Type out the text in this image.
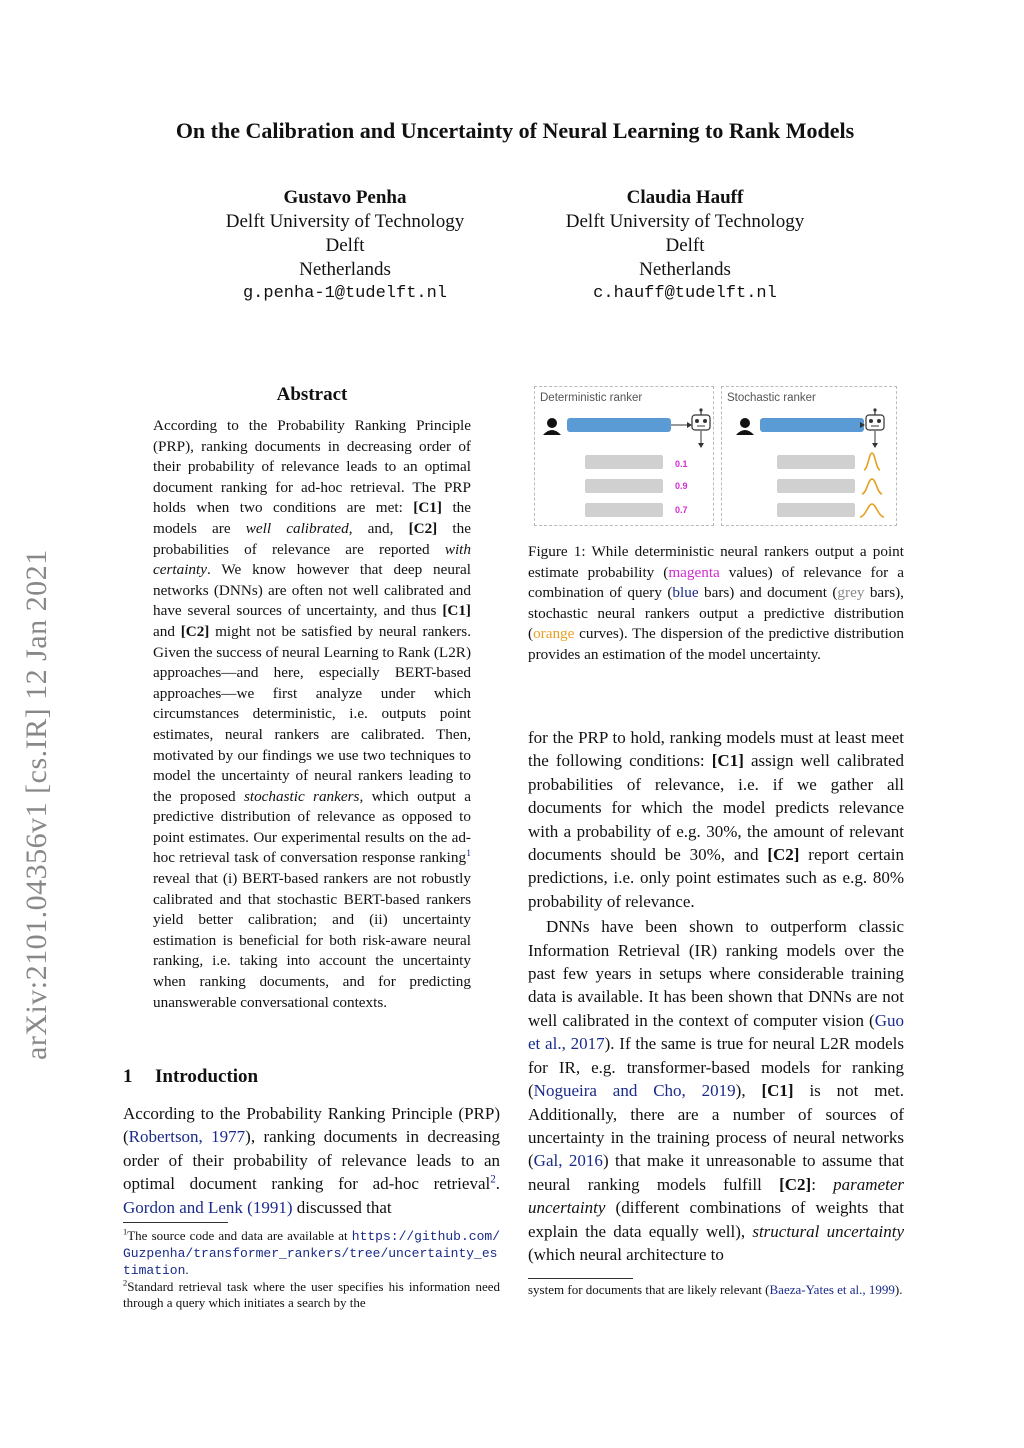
On the Calibration and Uncertainty of Neural Learning to Rank Models
Gustavo Penha
Delft University of Technology
Delft
Netherlands
g.penha-1@tudelft.nl
Claudia Hauff
Delft University of Technology
Delft
Netherlands
c.hauff@tudelft.nl
arXiv:2101.04356v1 [cs.IR] 12 Jan 2021
Abstract
According to the Probability Ranking Principle (PRP), ranking documents in decreasing order of their probability of relevance leads to an optimal document ranking for ad-hoc retrieval. The PRP holds when two conditions are met: [C1] the models are well calibrated, and, [C2] the probabilities of relevance are reported with certainty. We know however that deep neural networks (DNNs) are often not well calibrated and have several sources of uncertainty, and thus [C1] and [C2] might not be satisfied by neural rankers. Given the success of neural Learning to Rank (L2R) approaches—and here, especially BERT-based approaches—we first analyze under which circumstances deterministic, i.e. outputs point estimates, neural rankers are calibrated. Then, motivated by our findings we use two techniques to model the uncertainty of neural rankers leading to the proposed stochastic rankers, which output a predictive distribution of relevance as opposed to point estimates. Our experimental results on the ad-hoc retrieval task of conversation response ranking$^1$ reveal that (i) BERT-based rankers are not robustly calibrated and that stochastic BERT-based rankers yield better calibration; and (ii) uncertainty estimation is beneficial for both risk-aware neural ranking, i.e. taking into account the uncertainty when ranking documents, and for predicting unanswerable conversational contexts.
1 Introduction
According to the Probability Ranking Principle (PRP) (Robertson, 1977), ranking documents in decreasing order of their probability of relevance leads to an optimal document ranking for ad-hoc retrieval$^2$. Gordon and Lenk (1991) discussed that
$^1$The source code and data are available at https://github.com/Guzpenha/transformer_rankers/tree/uncertainty_estimation.
$^2$Standard retrieval task where the user specifies his information need through a query which initiates a search by the
Deterministic ranker
0.1
0.9
0.7
Stochastic ranker
Figure 1: While deterministic neural rankers output a point estimate probability (magenta values) of relevance for a combination of query (blue bars) and document (grey bars), stochastic neural rankers output a predictive distribution (orange curves). The dispersion of the predictive distribution provides an estimation of the model uncertainty.

for the PRP to hold, ranking models must at least meet the following conditions: [C1] assign well calibrated probabilities of relevance, i.e. if we gather all documents for which the model predicts relevance with a probability of e.g. 30%, the amount of relevant documents should be 30%, and [C2] report certain predictions, i.e. only point estimates such as e.g. 80% probability of relevance.

DNNs have been shown to outperform classic Information Retrieval (IR) ranking models over the past few years in setups where considerable training data is available. It has been shown that DNNs are not well calibrated in the context of computer vision (Guo et al., 2017). If the same is true for neural L2R models for IR, e.g. transformer-based models for ranking (Nogueira and Cho, 2019), [C1] is not met. Additionally, there are a number of sources of uncertainty in the training process of neural networks (Gal, 2016) that make it unreasonable to assume that neural ranking models fulfill [C2]: parameter uncertainty (different combinations of weights that explain the data equally well), structural uncertainty (which neural architecture to

system for documents that are likely relevant (Baeza-Yates et al., 1999).
